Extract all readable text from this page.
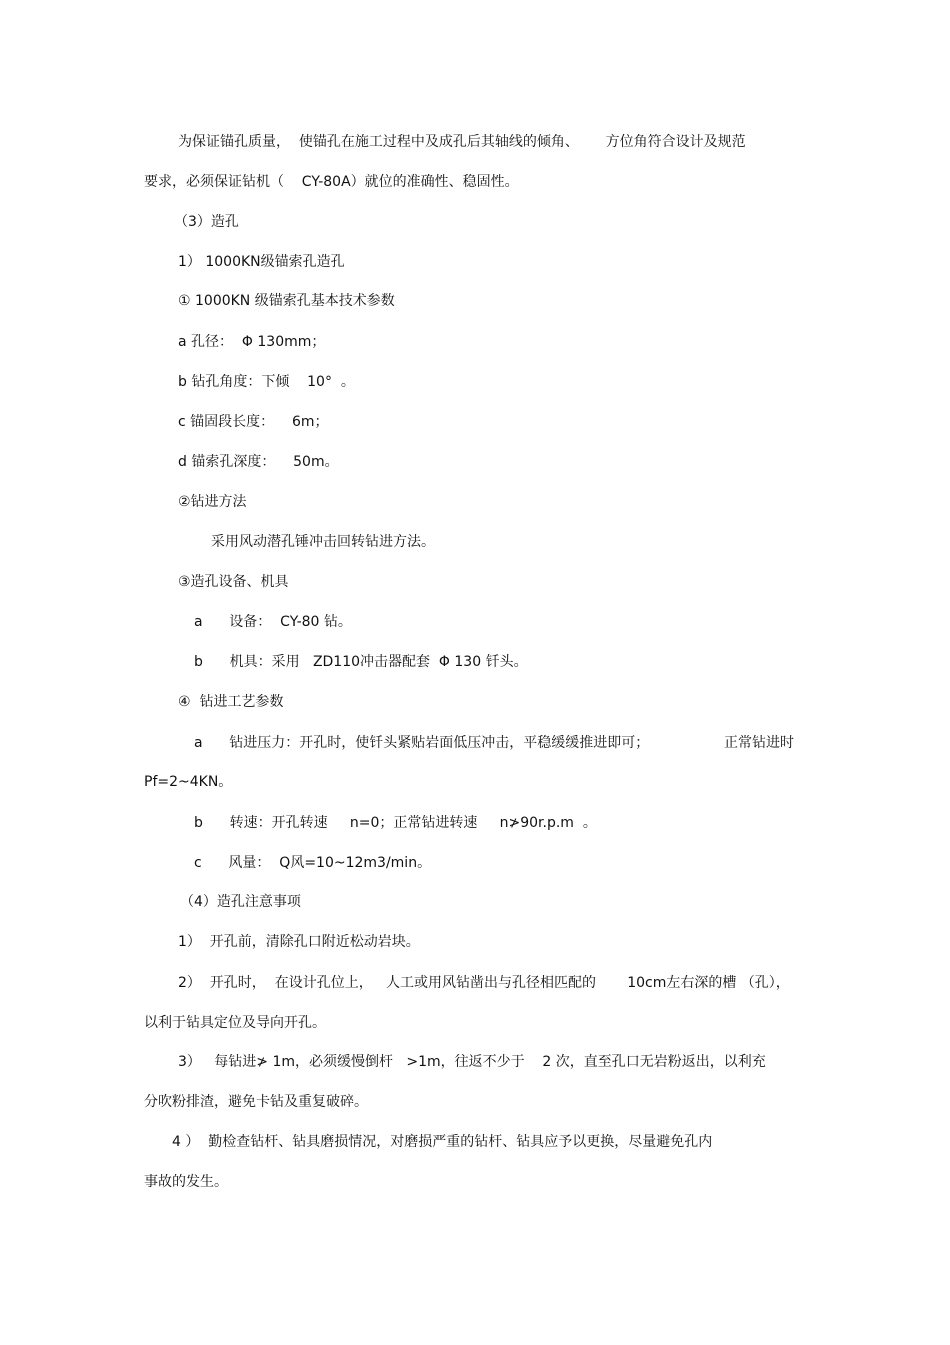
为保证锚孔质量，  使锚孔在施工过程中及成孔后其轴线的倾角、      方位角符合设计及规范
要求，必须保证钻机（    CY-80A）就位的准确性、稳固性。
（3）造孔
1） 1000KN级锚索孔造孔
① 1000KN 级锚索孔基本技术参数
a 孔径：  Φ 130mm；
b 钻孔角度：下倾    10°  。
c 锚固段长度：    6m；
d 锚索孔深度：    50m。
②钻进方法
采用风动潜孔锤冲击回转钻进方法。
③造孔设备、机具
a      设备：  CY-80 钻。
b      机具：采用   ZD110冲击器配套  Φ 130 钎头。
④  钻进工艺参数
a      钻进压力：开孔时，使钎头紧贴岩面低压冲击，平稳缓缓推进即可；	正常钻进时
Pf=2~4KN。
b      转速：开孔转速     n=0；正常钻进转速     n≯90r.p.m  。
c      风量：  Q风=10~12m3/min。
（4）造孔注意事项
1）  开孔前，清除孔口附近松动岩块。
2）  开孔时，  在设计孔位上，   人工或用风钻凿出与孔径相匹配的       10cm左右深的槽 （孔），
以利于钻具定位及导向开孔。
3）   每钻进≯ 1m，必须缓慢倒杆   >1m，往返不少于    2 次，直至孔口无岩粉返出，以利充
分吹粉排渣，避免卡钻及重复破碎。
4 ）  勤检查钻杆、钻具磨损情况，对磨损严重的钻杆、钻具应予以更换，尽量避免孔内
事故的发生。
